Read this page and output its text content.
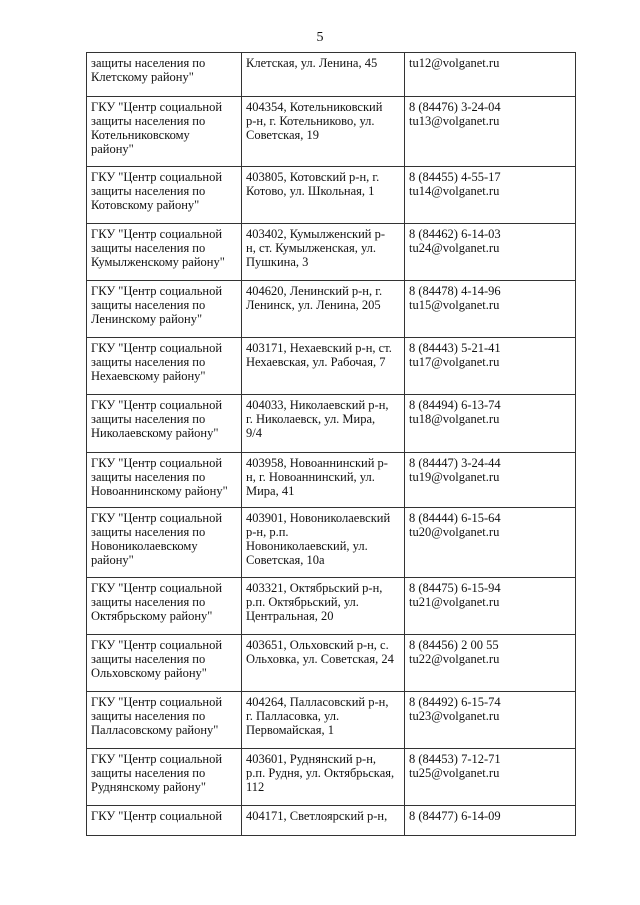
5
защиты населения по
Клетскому району"	Клетская, ул. Ленина, 45	tu12@volganet.ru
ГКУ "Центр социальной
защиты населения по
Котельниковскому
району"	404354, Котельниковский
р-н, г. Котельниково, ул.
Советская, 19	8 (84476) 3-24-04
tu13@volganet.ru
ГКУ "Центр социальной
защиты населения по
Котовскому району"	403805, Котовский р-н, г.
Котово, ул. Школьная, 1	8 (84455) 4-55-17
tu14@volganet.ru
ГКУ "Центр социальной
защиты населения по
Кумылженскому району"	403402, Кумылженский р-
н, ст. Кумылженская, ул.
Пушкина, 3	8 (84462) 6-14-03
tu24@volganet.ru
ГКУ "Центр социальной
защиты населения по
Ленинскому району"	404620, Ленинский р-н, г.
Ленинск, ул. Ленина, 205	8 (84478) 4-14-96
tu15@volganet.ru
ГКУ "Центр социальной
защиты населения по
Нехаевскому району"	403171, Нехаевский р-н, ст.
Нехаевская, ул. Рабочая, 7	8 (84443) 5-21-41
tu17@volganet.ru
ГКУ "Центр социальной
защиты населения по
Николаевскому району"	404033, Николаевский р-н,
г. Николаевск, ул. Мира,
9/4	8 (84494) 6-13-74
tu18@volganet.ru
ГКУ "Центр социальной
защиты населения по
Новоаннинскому району"	403958, Новоаннинский р-
н, г. Новоаннинский, ул.
Мира, 41	8 (84447) 3-24-44
tu19@volganet.ru
ГКУ "Центр социальной
защиты населения по
Новониколаевскому
району"	403901, Новониколаевский
р-н, р.п.
Новониколаевский, ул.
Советская, 10а	8 (84444) 6-15-64
tu20@volganet.ru
ГКУ "Центр социальной
защиты населения по
Октябрьскому району"	403321, Октябрьский р-н,
р.п. Октябрьский, ул.
Центральная, 20	8 (84475) 6-15-94
tu21@volganet.ru
ГКУ "Центр социальной
защиты населения по
Ольховскому району"	403651, Ольховский р-н, с.
Ольховка, ул. Советская, 24	8 (84456) 2 00 55
tu22@volganet.ru
ГКУ "Центр социальной
защиты населения по
Палласовскому району"	404264, Палласовский р-н,
г. Палласовка, ул.
Первомайская, 1	8 (84492) 6-15-74
tu23@volganet.ru
ГКУ "Центр социальной
защиты населения по
Руднянскому району"	403601, Руднянский р-н,
р.п. Рудня, ул. Октябрьская,
112	8 (84453) 7-12-71
tu25@volganet.ru
ГКУ "Центр социальной	404171, Светлоярский р-н,	8 (84477) 6-14-09
